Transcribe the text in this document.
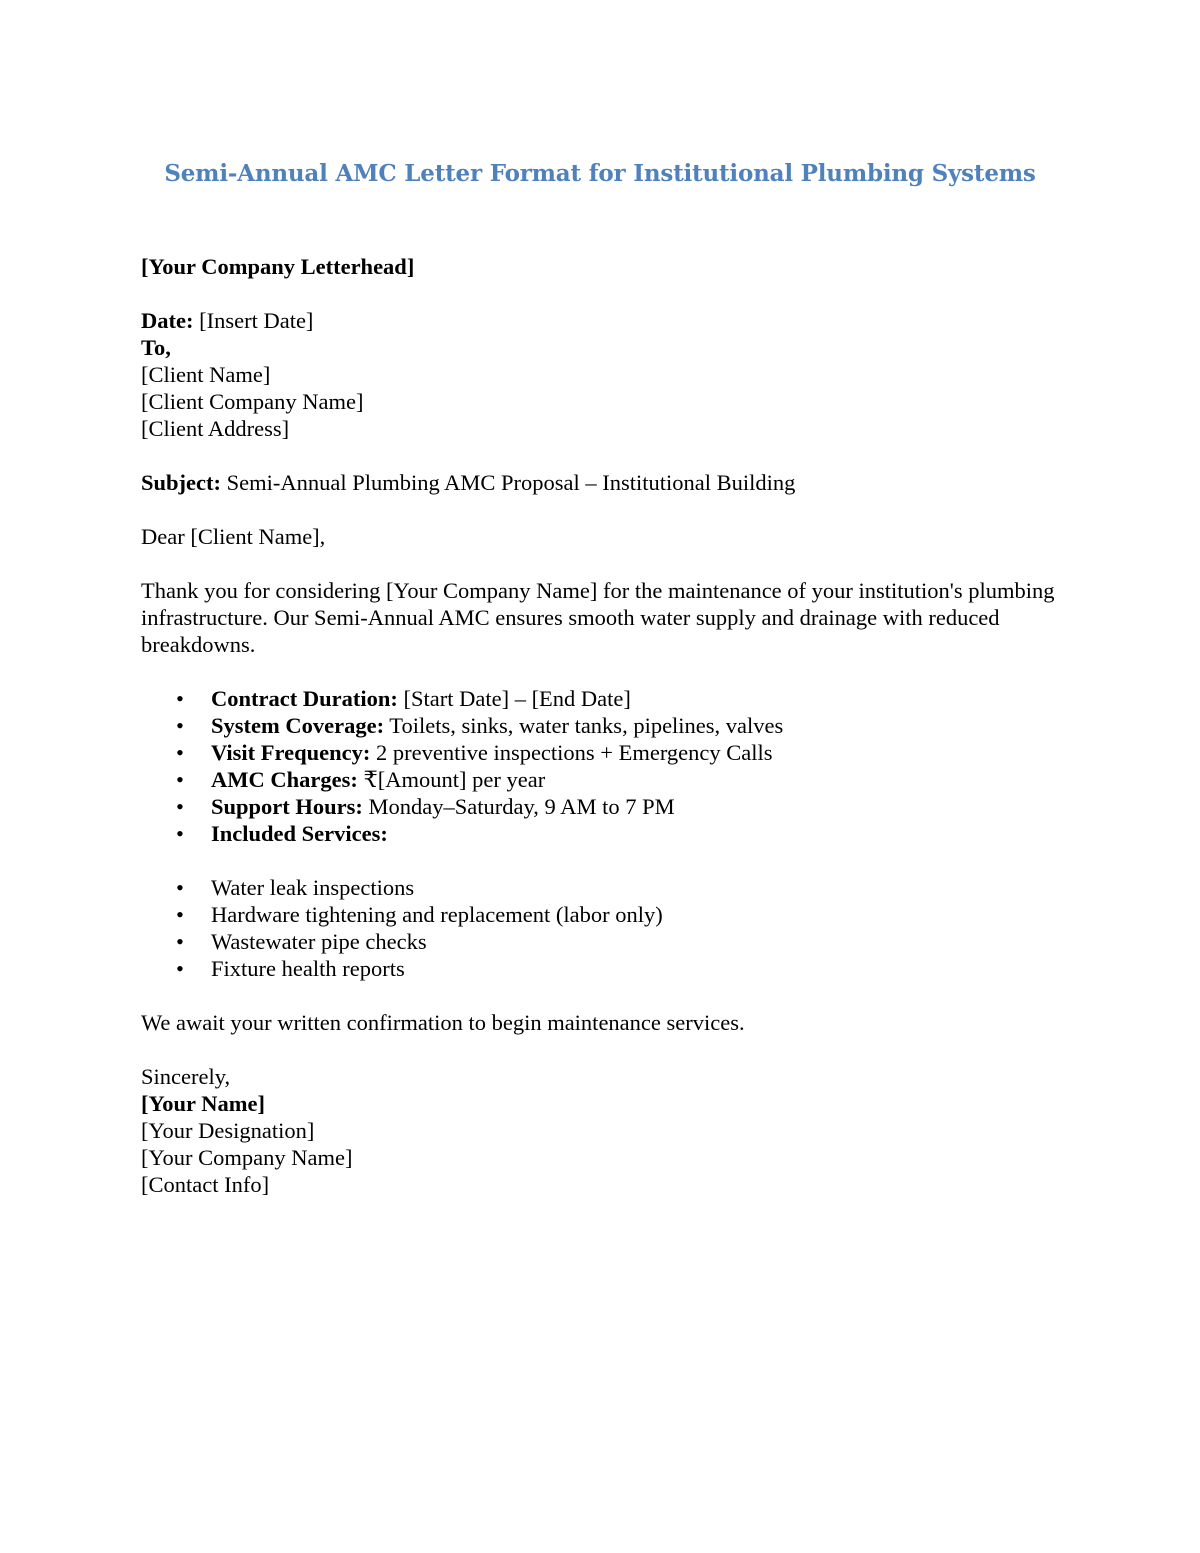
Semi-Annual AMC Letter Format for Institutional Plumbing Systems

[Your Company Letterhead]

Date: [Insert Date]

To,

[Client Name]

[Client Company Name]

[Client Address]

Subject: Semi-Annual Plumbing AMC Proposal – Institutional Building

Dear [Client Name],

Thank you for considering [Your Company Name] for the maintenance of your institution's plumbing infrastructure. Our Semi-Annual AMC ensures smooth water supply and drainage with reduced breakdowns.

• Contract Duration: [Start Date] – [End Date]
• System Coverage: Toilets, sinks, water tanks, pipelines, valves
• Visit Frequency: 2 preventive inspections + Emergency Calls
• AMC Charges: ₹[Amount] per year
• Support Hours: Monday–Saturday, 9 AM to 7 PM
• Included Services:
• Water leak inspections
• Hardware tightening and replacement (labor only)
• Wastewater pipe checks
• Fixture health reports

We await your written confirmation to begin maintenance services.

Sincerely,

[Your Name]

[Your Designation]

[Your Company Name]

[Contact Info]
